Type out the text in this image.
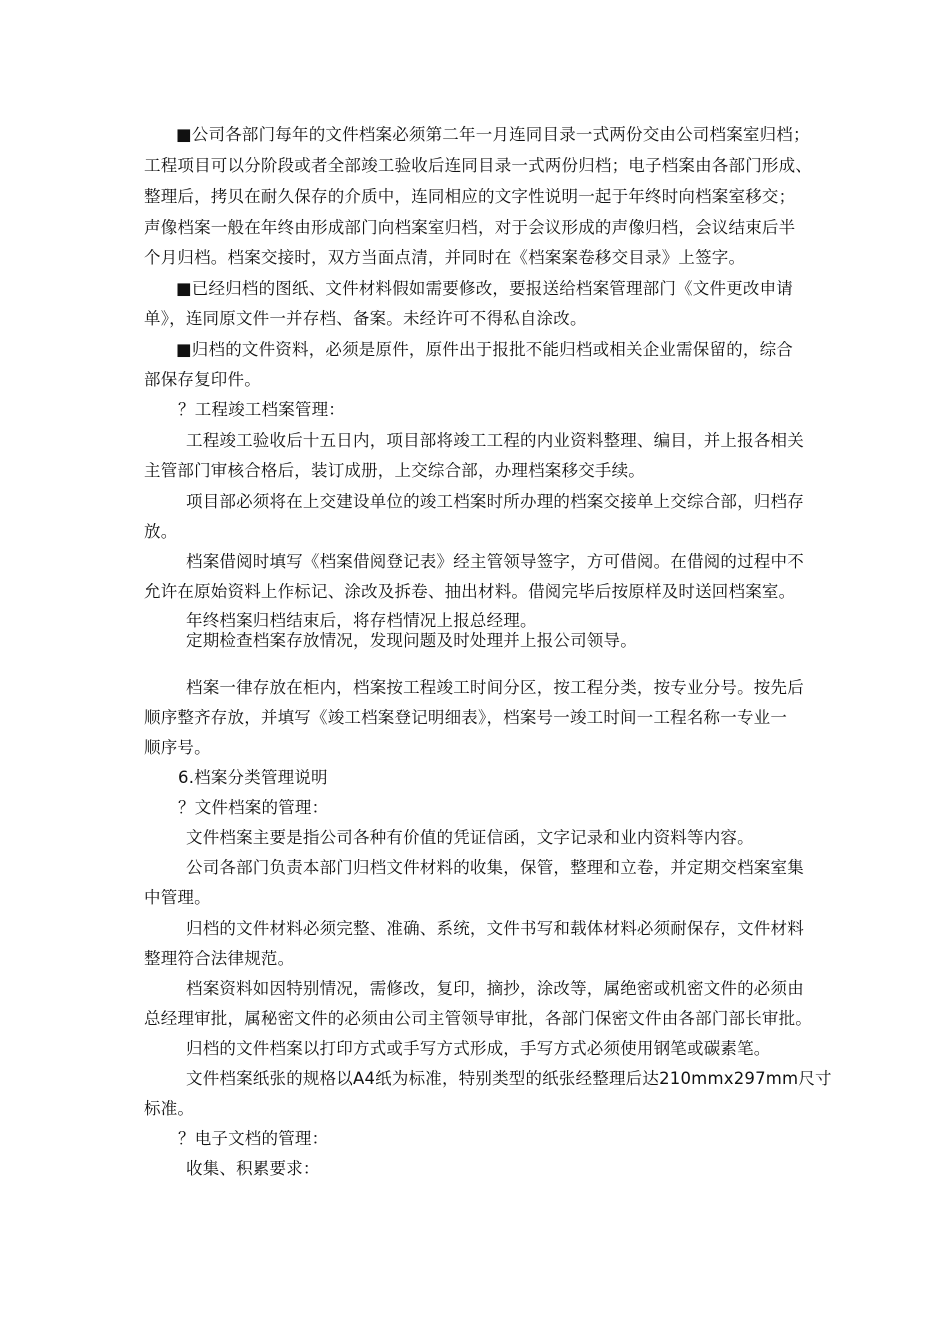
■公司各部门每年的文件档案必须第二年一月连同目录一式两份交由公司档案室归档；
工程项目可以分阶段或者全部竣工验收后连同目录一式两份归档；电子档案由各部门形成、
整理后，拷贝在耐久保存的介质中，连同相应的文字性说明一起于年终时向档案室移交；
声像档案一般在年终由形成部门向档案室归档，对于会议形成的声像归档，会议结束后半
个月归档。档案交接时，双方当面点清，并同时在《档案案卷移交目录》上签字。
■已经归档的图纸、文件材料假如需要修改，要报送给档案管理部门《文件更改申请
单》，连同原文件一并存档、备案。未经许可不得私自涂改。
■归档的文件资料，必须是原件，原件出于报批不能归档或相关企业需保留的，综合
部保存复印件。
？工程竣工档案管理：
工程竣工验收后十五日内，项目部将竣工工程的内业资料整理、编目，并上报各相关
主管部门审核合格后，装订成册，上交综合部，办理档案移交手续。
项目部必须将在上交建设单位的竣工档案时所办理的档案交接单上交综合部，归档存
放。
档案借阅时填写《档案借阅登记表》经主管领导签字，方可借阅。在借阅的过程中不
允许在原始资料上作标记、涂改及拆卷、抽出材料。借阅完毕后按原样及时送回档案室。
年终档案归档结束后，将存档情况上报总经理。
定期检查档案存放情况，发现问题及时处理并上报公司领导。
档案一律存放在柜内，档案按工程竣工时间分区，按工程分类，按专业分号。按先后
顺序整齐存放，并填写《竣工档案登记明细表》，档案号一竣工时间一工程名称一专业一
顺序号。
6.档案分类管理说明
？文件档案的管理：
文件档案主要是指公司各种有价值的凭证信函，文字记录和业内资料等内容。
公司各部门负责本部门归档文件材料的收集，保管，整理和立卷，并定期交档案室集
中管理。
归档的文件材料必须完整、准确、系统，文件书写和载体材料必须耐保存，文件材料
整理符合法律规范。
档案资料如因特别情况，需修改，复印，摘抄，涂改等，属绝密或机密文件的必须由
总经理审批，属秘密文件的必须由公司主管领导审批，各部门保密文件由各部门部长审批。
归档的文件档案以打印方式或手写方式形成，手写方式必须使用钢笔或碳素笔。
文件档案纸张的规格以A4纸为标准，特别类型的纸张经整理后达210mmx297mm尺寸
标准。
？电子文档的管理：
收集、积累要求：
